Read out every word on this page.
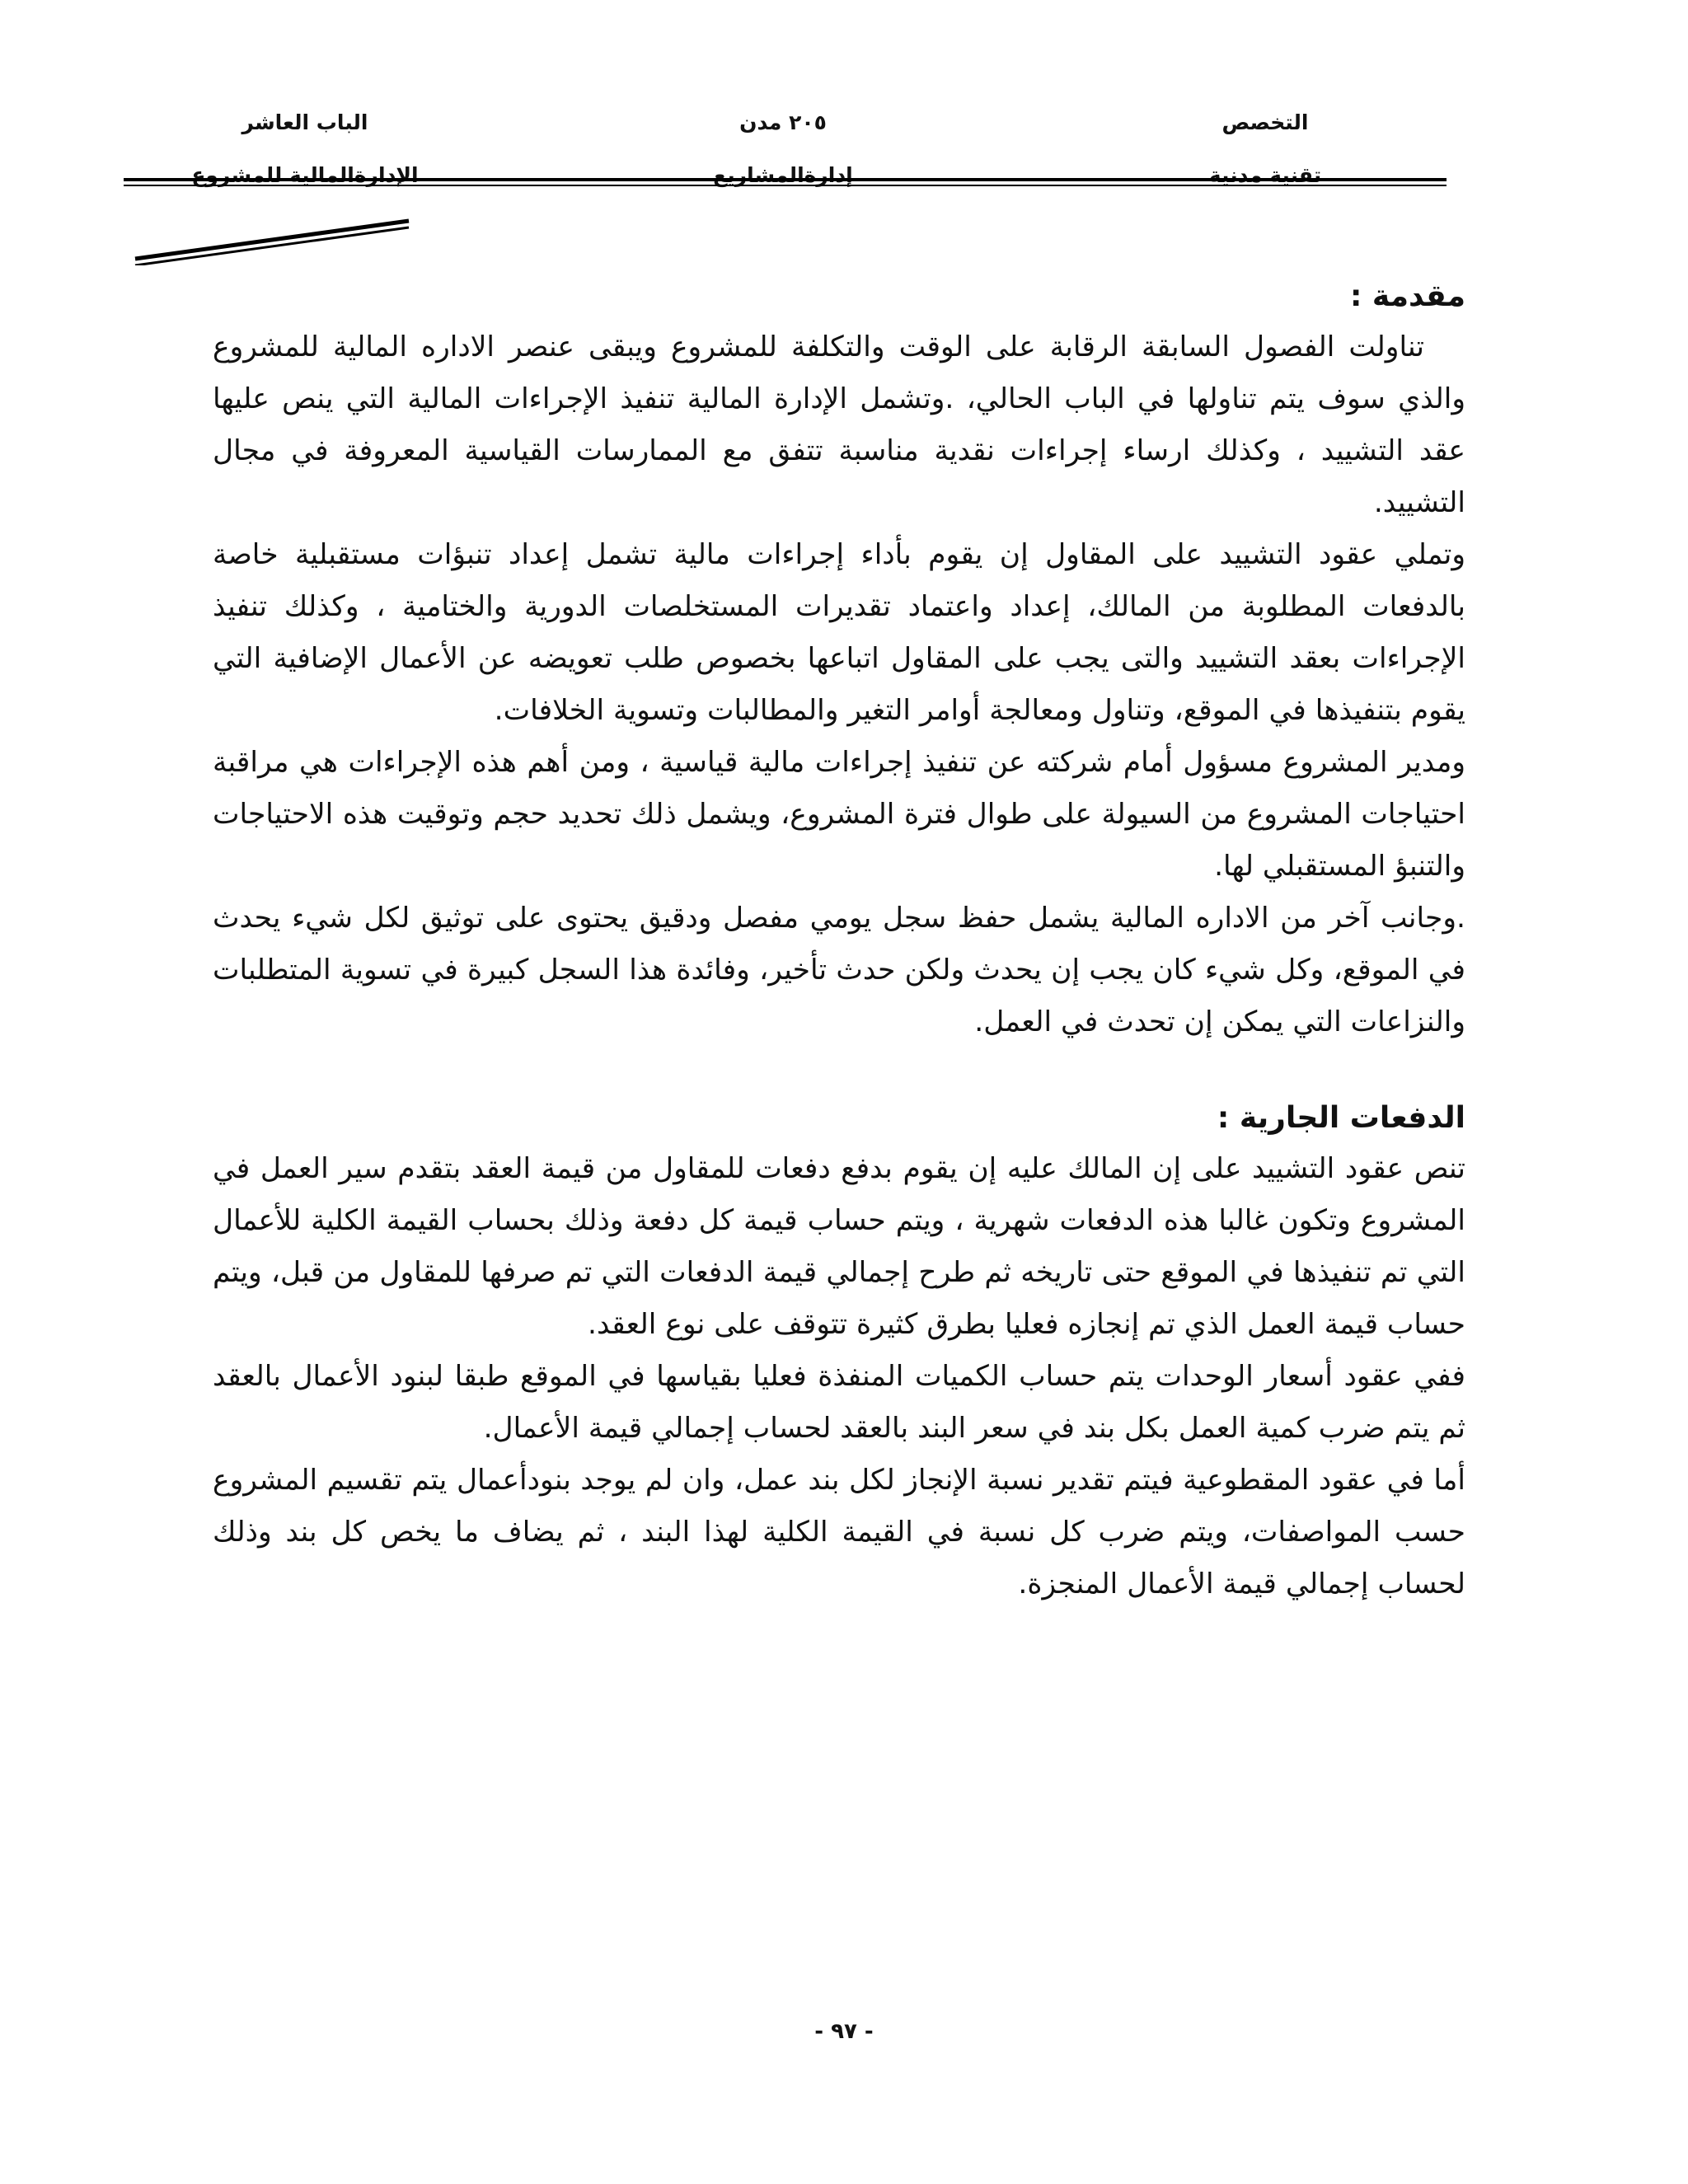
التخصص
تقنية مدنية
٢٠٥ مدن
إدارةالمشاريع
الباب العاشر
الإدارةالمالية للمشروع
مقدمة :

تناولت الفصول السابقة الرقابة على الوقت والتكلفة للمشروع ويبقى عنصر الاداره المالية للمشروع والذي سوف يتم تناولها في الباب الحالي، .وتشمل الإدارة المالية تنفيذ الإجراءات المالية التي ينص عليها عقد التشييد ، وكذلك ارساء إجراءات نقدية مناسبة تتفق مع الممارسات القياسية المعروفة في مجال التشييد.

وتملي عقود التشييد على المقاول إن يقوم بأداء إجراءات مالية تشمل إعداد تنبؤات مستقبلية خاصة بالدفعات المطلوبة من المالك، إعداد واعتماد تقديرات المستخلصات الدورية والختامية ، وكذلك تنفيذ الإجراءات بعقد التشييد والتى يجب على المقاول اتباعها بخصوص طلب تعويضه عن الأعمال الإضافية التي يقوم بتنفيذها في الموقع، وتناول ومعالجة أوامر التغير والمطالبات وتسوية الخلافات.

ومدير المشروع مسؤول أمام شركته عن تنفيذ إجراءات مالية قياسية ، ومن أهم هذه الإجراءات هي مراقبة احتياجات المشروع من السيولة على طوال فترة المشروع، ويشمل ذلك تحديد حجم وتوقيت هذه الاحتياجات والتنبؤ المستقبلي لها.

.وجانب آخر من الاداره المالية يشمل حفظ سجل يومي مفصل ودقيق يحتوى على توثيق لكل شيء يحدث في الموقع، وكل شيء كان يجب إن يحدث ولكن حدث تأخير، وفائدة هذا السجل كبيرة في تسوية المتطلبات والنزاعات التي يمكن إن تحدث في العمل.

الدفعات الجارية :

تنص عقود التشييد على إن المالك عليه إن يقوم بدفع دفعات للمقاول من قيمة العقد بتقدم سير العمل في المشروع وتكون غالبا هذه الدفعات شهرية ، ويتم حساب قيمة كل دفعة وذلك بحساب القيمة الكلية للأعمال التي تم تنفيذها في الموقع حتى تاريخه ثم طرح إجمالي قيمة الدفعات التي تم صرفها للمقاول من قبل، ويتم حساب قيمة العمل الذي تم إنجازه فعليا بطرق كثيرة تتوقف على نوع العقد.

ففي عقود أسعار الوحدات يتم حساب الكميات المنفذة فعليا بقياسها في الموقع طبقا لبنود الأعمال بالعقد ثم يتم ضرب كمية العمل بكل بند في سعر البند بالعقد لحساب إجمالي قيمة الأعمال.

أما في عقود المقطوعية فيتم تقدير نسبة الإنجاز لكل بند عمل، وان لم يوجد بنودأعمال يتم تقسيم المشروع حسب المواصفات، ويتم ضرب كل نسبة في القيمة الكلية لهذا البند ، ثم يضاف ما يخص كل بند وذلك لحساب إجمالي قيمة الأعمال المنجزة.

- ٩٧ -
